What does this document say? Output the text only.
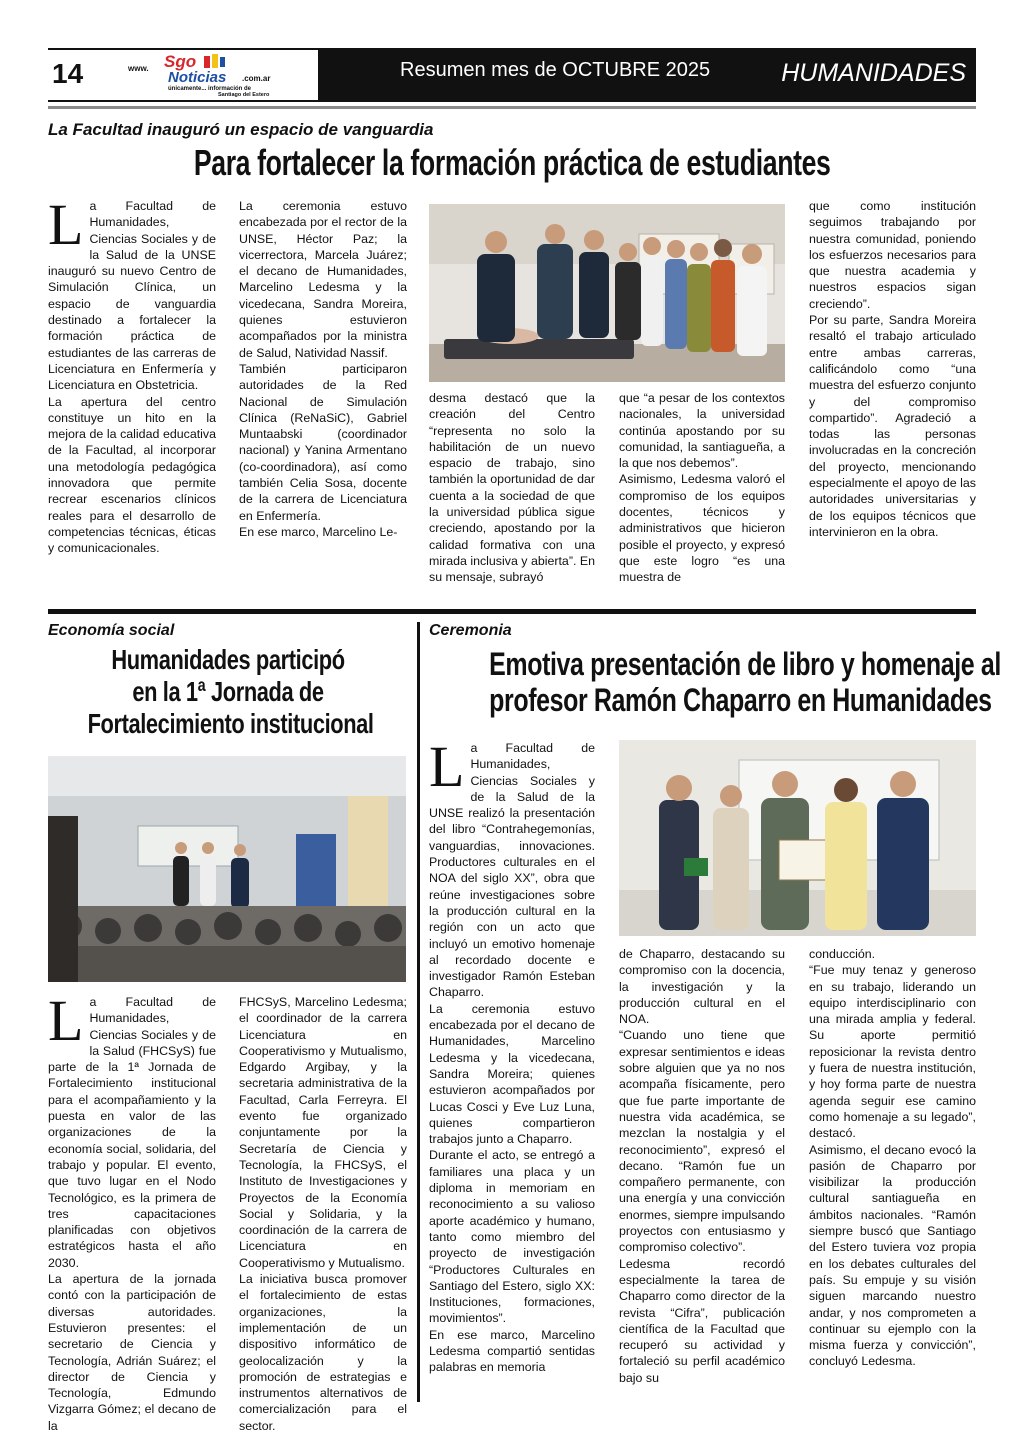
14	www. Sgo
Noticias .com.ar
únicamente... información de
Santiago del Estero
Resumen mes de OCTUBRE 2025	HUMANIDADES
La Facultad inauguró un espacio de vanguardia
Para fortalecer la formación práctica de estudiantes
L a Facultad de Humanidades, Ciencias Sociales y de la Salud de la UNSE inauguró su nuevo Centro de Simulación Clínica, un espacio de vanguardia destinado a fortalecer la formación práctica de estudiantes de las carreras de Licenciatura en Enfermería y Licenciatura en Obstetricia.

La apertura del centro constituye un hito en la mejora de la calidad educativa de la Facultad, al incorporar una metodología pedagógica innovadora que permite recrear escenarios clínicos reales para el desarrollo de competencias técnicas, éticas y comunicacionales.

La ceremonia estuvo encabezada por el rector de la UNSE, Héctor Paz; la vicerrectora, Marcela Juárez; el decano de Humanidades, Marcelino Ledesma y la vicedecana, Sandra Moreira, quienes estuvieron acompañados por la ministra de Salud, Natividad Nassif.

También participaron autoridades de la Red Nacional de Simulación Clínica (ReNaSiC), Gabriel Muntaabski (coordinador nacional) y Yanina Armentano (co-coordinadora), así como también Celia Sosa, docente de la carrera de Licenciatura en Enfermería.

En ese marco, Marcelino Le-

desma destacó que la creación del Centro “representa no solo la habilitación de un nuevo espacio de trabajo, sino también la oportunidad de dar cuenta a la sociedad de que la universidad pública sigue creciendo, apostando por la calidad formativa con una mirada inclusiva y abierta”. En su mensaje, subrayó

que “a pesar de los contextos nacionales, la universidad continúa apostando por su comunidad, la santiagueña, a la que nos debemos”.

Asimismo, Ledesma valoró el compromiso de los equipos docentes, técnicos y administrativos que hicieron posible el proyecto, y expresó que este logro “es una muestra de

que como institución seguimos trabajando por nuestra comunidad, poniendo los esfuerzos necesarios para que nuestra academia y nuestros espacios sigan creciendo”.

Por su parte, Sandra Moreira resaltó el trabajo articulado entre ambas carreras, calificándolo como “una muestra del esfuerzo conjunto y del compromiso compartido”. Agradeció a todas las personas involucradas en la concreción del proyecto, mencionando especialmente el apoyo de las autoridades universitarias y de los equipos técnicos que intervinieron en la obra.

Economía social
Humanidades participó
en la 1ª Jornada de
Fortalecimiento institucional
L a Facultad de Humanidades, Ciencias Sociales y de la Salud (FHCSyS) fue parte de la 1ª Jornada de Fortalecimiento institucional para el acompañamiento y la puesta en valor de las organizaciones de la economía social, solidaria, del trabajo y popular. El evento, que tuvo lugar en el Nodo Tecnológico, es la primera de tres capacitaciones planificadas con objetivos estratégicos hasta el año 2030.

La apertura de la jornada contó con la participación de diversas autoridades. Estuvieron presentes: el secretario de Ciencia y Tecnología, Adrián Suárez; el director de Ciencia y Tecnología, Edmundo Vizgarra Gómez; el decano de la

FHCSyS, Marcelino Ledesma; el coordinador de la carrera Licenciatura en Cooperativismo y Mutualismo, Edgardo Argibay, y la secretaria administrativa de la Facultad, Carla Ferreyra. El evento fue organizado conjuntamente por la Secretaría de Ciencia y Tecnología, la FHCSyS, el Instituto de Investigaciones y Proyectos de la Economía Social y Solidaria, y la coordinación de la carrera de Licenciatura en Cooperativismo y Mutualismo.

La iniciativa busca promover el fortalecimiento de estas organizaciones, la implementación de un dispositivo informático de geolocalización y la promoción de estrategias e instrumentos alternativos de comercialización para el sector.

Ceremonia
Emotiva presentación de libro y homenaje al
profesor Ramón Chaparro en Humanidades
L a Facultad de Humanidades, Ciencias Sociales y de la Salud de la UNSE realizó la presentación del libro “Contrahegemonías, vanguardias, innovaciones. Productores culturales en el NOA del siglo XX”, obra que reúne investigaciones sobre la producción cultural en la región con un acto que incluyó un emotivo homenaje al recordado docente e investigador Ramón Esteban Chaparro.

La ceremonia estuvo encabezada por el decano de Humanidades, Marcelino Ledesma y la vicedecana, Sandra Moreira; quienes estuvieron acompañados por Lucas Cosci y Eve Luz Luna, quienes compartieron trabajos junto a Chaparro.

Durante el acto, se entregó a familiares una placa y un diploma in memoriam en reconocimiento a su valioso aporte académico y humano, tanto como miembro del proyecto de investigación “Productores Culturales en Santiago del Estero, siglo XX: Instituciones, formaciones, movimientos”.

En ese marco, Marcelino Ledesma compartió sentidas palabras en memoria

de Chaparro, destacando su compromiso con la docencia, la investigación y la producción cultural en el NOA.

“Cuando uno tiene que expresar sentimientos e ideas sobre alguien que ya no nos acompaña físicamente, pero que fue parte importante de nuestra vida académica, se mezclan la nostalgia y el reconocimiento”, expresó el decano. “Ramón fue un compañero permanente, con una energía y una convicción enormes, siempre impulsando proyectos con entusiasmo y compromiso colectivo”.

Ledesma recordó especialmente la tarea de Chaparro como director de la revista “Cifra”, publicación científica de la Facultad que recuperó su actividad y fortaleció su perfil académico bajo su

conducción.

“Fue muy tenaz y generoso en su trabajo, liderando un equipo interdisciplinario con una mirada amplia y federal. Su aporte permitió reposicionar la revista dentro y fuera de nuestra institución, y hoy forma parte de nuestra agenda seguir ese camino como homenaje a su legado”, destacó.

Asimismo, el decano evocó la pasión de Chaparro por visibilizar la producción cultural santiagueña en ámbitos nacionales. “Ramón siempre buscó que Santiago del Estero tuviera voz propia en los debates culturales del país. Su empuje y su visión siguen marcando nuestro andar, y nos comprometen a continuar su ejemplo con la misma fuerza y convicción”, concluyó Ledesma.
